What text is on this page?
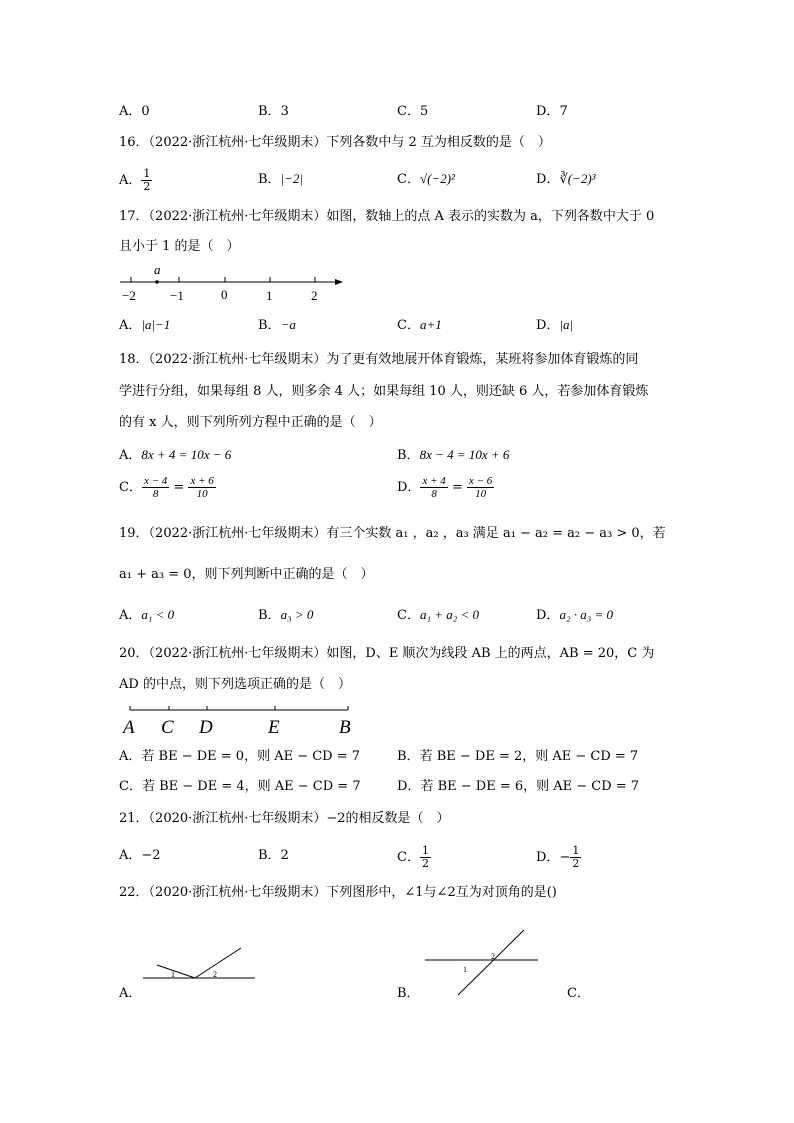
A．0	B．3	C．5	D．7
16．（2022·浙江杭州·七年级期末）下列各数中与 2 互为相反数的是（　）
A． $\frac{1}{2}$	B．|−2|	C．√(−2)²	D．∛(−2)³
17．（2022·浙江杭州·七年级期末）如图，数轴上的点 A 表示的实数为 a，下列各数中大于 0
且小于 1 的是（　）
a
−2	−1	0	1	2
A．|a|−1	B．−a	C．a+1	D．|a|
18．（2022·浙江杭州·七年级期末）为了更有效地展开体育锻炼，某班将参加体育锻炼的同
学进行分组，如果每组 8 人，则多余 4 人；如果每组 10 人，则还缺 6 人，若参加体育锻炼
的有 x 人，则下列所列方程中正确的是（　）
A．8x + 4 = 10x − 6	B．8x − 4 = 10x + 6
C． $\frac{x - 4}{8} = \frac{x + 6}{10}$	D． $\frac{x + 4}{8} = \frac{x - 6}{10}$
19．（2022·浙江杭州·七年级期末）有三个实数 a₁ ，a₂ ，a₃ 满足 a₁ − a₂ = a₂ − a₃ > 0，若
a₁ + a₃ = 0，则下列判断中正确的是（　）
A．a₁ < 0	B．a₃ > 0	C．a₁ + a₂ < 0	D．a₂ · a₃ = 0
20．（2022·浙江杭州·七年级期末）如图，D、E 顺次为线段 AB 上的两点，AB = 20，C 为
AD 的中点，则下列选项正确的是（　）
A C D	E	B
A．若 BE − DE = 0，则 AE − CD = 7	B．若 BE − DE = 2，则 AE − CD = 7
C．若 BE − DE = 4，则 AE − CD = 7	D．若 BE − DE = 6，则 AE − CD = 7
21．（2020·浙江杭州·七年级期末）−2的相反数是（　）
A．−2	B．2	C． $\frac{1}{2}$	D．− $\frac{1}{2}$
22．（2020·浙江杭州·七年级期末）下列图形中，∠1与∠2互为对顶角的是()
1	2
A．
1
2
B．	C．
